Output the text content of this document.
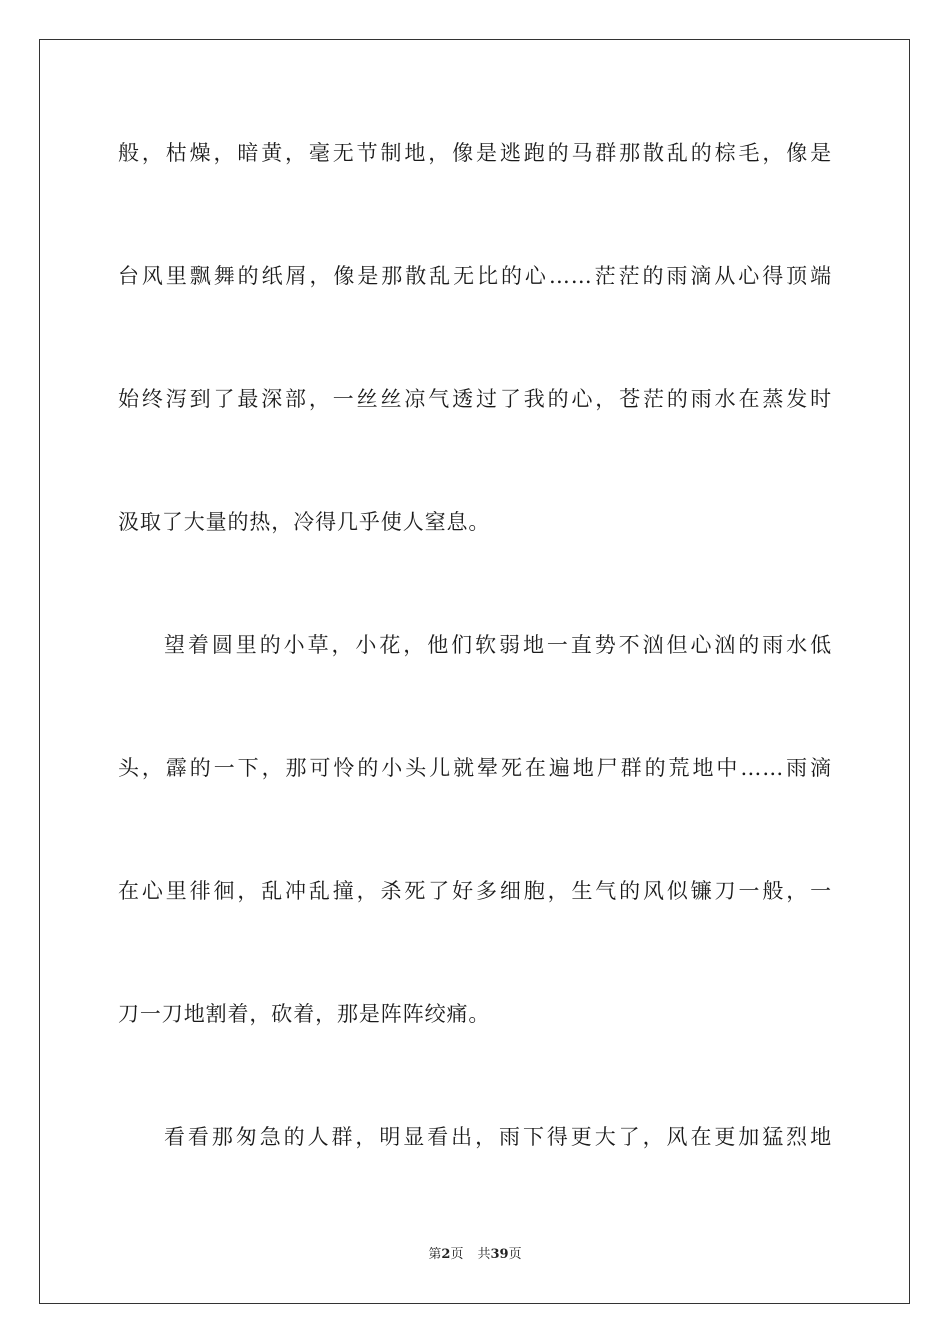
般，枯燥，暗黄，毫无节制地，像是逃跑的马群那散乱的棕毛，像是
台风里飘舞的纸屑，像是那散乱无比的心……茫茫的雨滴从心得顶端
始终泻到了最深部，一丝丝凉气透过了我的心，苍茫的雨水在蒸发时
汲取了大量的热，冷得几乎使人窒息。
望着圆里的小草，小花，他们软弱地一直势不汹但心汹的雨水低
头，霹的一下，那可怜的小头儿就晕死在遍地尸群的荒地中……雨滴
在心里徘徊，乱冲乱撞，杀死了好多细胞，生气的风似镰刀一般，一
刀一刀地割着，砍着，那是阵阵绞痛。
看看那匆急的人群，明显看出，雨下得更大了，风在更加猛烈地
第2页 共39页
